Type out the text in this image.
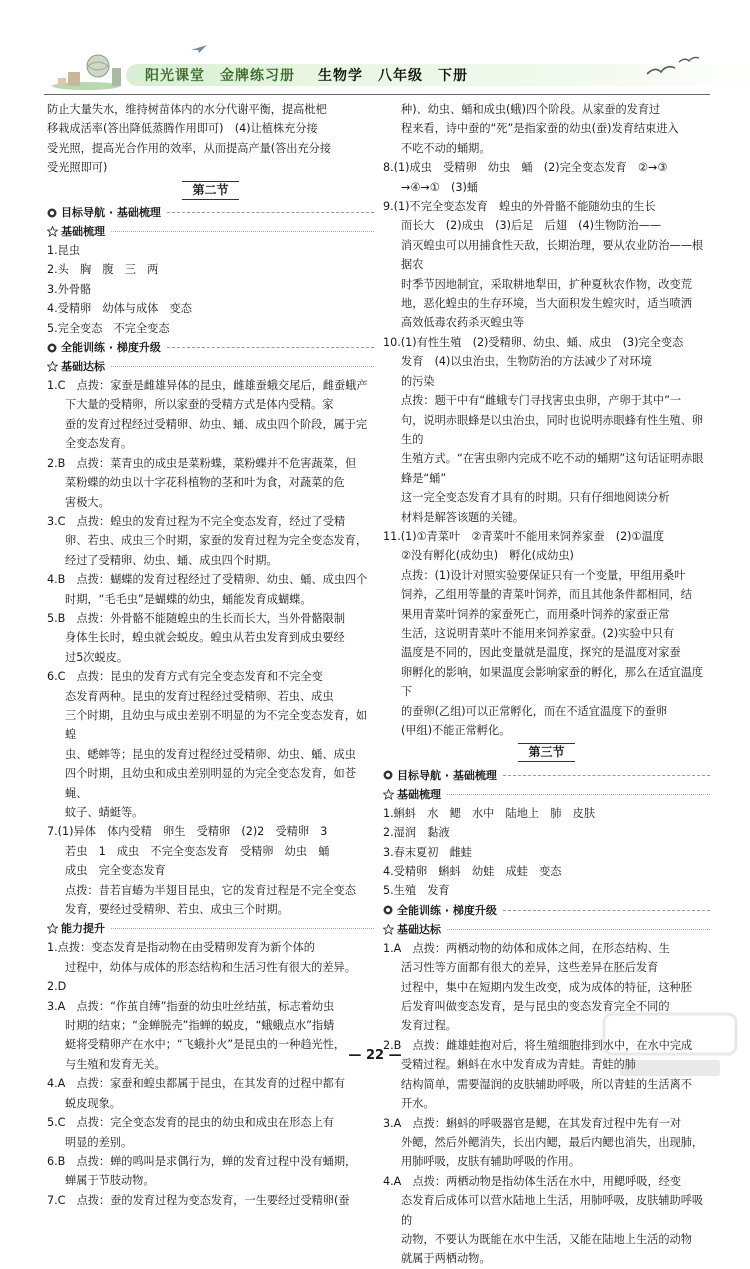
阳光课堂　金牌练习册 生物学　八年级　下册

防止大量失水，维持树苗体内的水分代谢平衡，提高枇杷

移栽成活率(答出降低蒸腾作用即可)　(4)让植株充分接

受光照，提高光合作用的效率，从而提高产量(答出充分接

受光照即可)

第二节
目标导航 · 基础梳理
基础梳理

1.昆虫

2.头　胸　腹　三　两

3.外骨骼

4.受精卵　幼体与成体　变态

5.完全变态　不完全变态

全能训练 · 梯度升级
基础达标

1.C　点拨：家蚕是雌雄异体的昆虫，雌雄蚕蛾交尾后，雌蚕蛾产

下大量的受精卵，所以家蚕的受精方式是体内受精。家

蚕的发育过程经过受精卵、幼虫、蛹、成虫四个阶段，属于完

全变态发育。

2.B　点拨：菜青虫的成虫是菜粉蝶，菜粉蝶并不危害蔬菜，但

菜粉蝶的幼虫以十字花科植物的茎和叶为食，对蔬菜的危

害极大。

3.C　点拨：蝗虫的发育过程为不完全变态发育，经过了受精

卵、若虫、成虫三个时期，家蚕的发育过程为完全变态发育，

经过了受精卵、幼虫、蛹、成虫四个时期。

4.B　点拨：蝴蝶的发育过程经过了受精卵、幼虫、蛹、成虫四个

时期，“毛毛虫”是蝴蝶的幼虫，蛹能发育成蝴蝶。

5.B　点拨：外骨骼不能随蝗虫的生长而长大，当外骨骼限制

身体生长时，蝗虫就会蜕皮。蝗虫从若虫发育到成虫要经

过5次蜕皮。

6.C　点拨：昆虫的发育方式有完全变态发育和不完全变

态发育两种。昆虫的发育过程经过受精卵、若虫、成虫

三个时期，且幼虫与成虫差别不明显的为不完全变态发育，如蝗

虫、蟋蟀等；昆虫的发育过程经过受精卵、幼虫、蛹、成虫

四个时期，且幼虫和成虫差别明显的为完全变态发育，如苍蝇、

蚊子、蜻蜓等。

7.(1)异体　体内受精　卵生　受精卵　(2)2　受精卵　3

若虫　1　成虫　不完全变态发育　受精卵　幼虫　蛹

成虫　完全变态发育

点拨：昔若盲蝽为半翅目昆虫，它的发育过程是不完全变态

发育，要经过受精卵、若虫、成虫三个时期。

能力提升

1.点拨：变态发育是指动物在由受精卵发育为新个体的

过程中，幼体与成体的形态结构和生活习性有很大的差异。

2.D

3.A　点拨：“作茧自缚”指蚕的幼虫吐丝结茧，标志着幼虫

时期的结束；“金蝉脱壳”指蝉的蜕皮，“蛾蛾点水”指蜻

蜓将受精卵产在水中；“飞蛾扑火”是昆虫的一种趋光性，

与生殖和发育无关。

4.A　点拨：家蚕和蝗虫都属于昆虫，在其发育的过程中都有

蜕皮现象。

5.C　点拨：完全变态发育的昆虫的幼虫和成虫在形态上有

明显的差别。

6.B　点拨：蝉的鸣叫是求偶行为，蝉的发育过程中没有蛹期，

蝉属于节肢动物。

7.C　点拨：蚕的发育过程为变态发育，一生要经过受精卵(蚕

种)、幼虫、蛹和成虫(蛾)四个阶段。从家蚕的发育过

程来看，诗中蚕的“死”是指家蚕的幼虫(蚕)发育结束进入

不吃不动的蛹期。

8.(1)成虫　受精卵　幼虫　蛹　(2)完全变态发育　②→③

→④→①　(3)蛹

9.(1)不完全变态发育　蝗虫的外骨骼不能随幼虫的生长

而长大　(2)成虫　(3)后足　后翅　(4)生物防治——

消灭蝗虫可以用捕食性天敌，长期治理，要从农业防治——根据农

时季节因地制宜，采取耕地犁田，扩种夏秋农作物，改变荒

地，恶化蝗虫的生存环境，当大面积发生蝗灾时，适当喷洒

高效低毒农药杀灭蝗虫等

10.(1)有性生殖　(2)受精卵、幼虫、蛹、成虫　(3)完全变态

发育　(4)以虫治虫，生物防治的方法减少了对环境

的污染

点拨：题干中有“雌蛾专门寻找害虫虫卵，产卵于其中”一

句，说明赤眼蜂是以虫治虫，同时也说明赤眼蜂有性生殖、卵生的

生殖方式。“在害虫卵内完成不吃不动的蛹期”这句话证明赤眼蜂是“蛹”

这一完全变态发育才具有的时期。只有仔细地阅读分析

材料是解答该题的关键。

11.(1)①青菜叶　②青菜叶不能用来饲养家蚕　(2)①温度

②没有孵化(成幼虫)　孵化(成幼虫)

点拨：(1)设计对照实验要保证只有一个变量，甲组用桑叶

饲养，乙组用等量的青菜叶饲养，而且其他条件都相同，结

果用青菜叶饲养的家蚕死亡，而用桑叶饲养的家蚕正常

生活，这说明青菜叶不能用来饲养家蚕。(2)实验中只有

温度是不同的，因此变量就是温度，探究的是温度对家蚕

卵孵化的影响，如果温度会影响家蚕的孵化，那么在适宜温度下

的蚕卵(乙组)可以正常孵化，而在不适宜温度下的蚕卵

(甲组)不能正常孵化。

第三节
目标导航 · 基础梳理
基础梳理

1.蝌蚪　水　鳃　水中　陆地上　肺　皮肤

2.湿润　黏液

3.春末夏初　雌蛙

4.受精卵　蝌蚪　幼蛙　成蛙　变态

5.生殖　发育

全能训练 · 梯度升级
基础达标

1.A　点拨：两栖动物的幼体和成体之间，在形态结构、生

活习性等方面都有很大的差异，这些差异在胚后发育

过程中，集中在短期内发生改变，成为成体的特征，这种胚

后发育叫做变态发育，是与昆虫的变态发育完全不同的

发育过程。

2.B　点拨：雌雄蛙抱对后，将生殖细胞排到水中，在水中完成

受精过程。蝌蚪在水中发育成为青蛙。青蛙的肺

结构简单，需要湿润的皮肤辅助呼吸，所以青蛙的生活离不

开水。

3.A　点拨：蝌蚪的呼吸器官是鳃，在其发育过程中先有一对

外鳃，然后外鳃消失，长出内鳃，最后内鳃也消失，出现肺，

用肺呼吸，皮肤有辅助呼吸的作用。

4.A　点拨：两栖动物是指幼体生活在水中，用鳃呼吸，经变

态发育后成体可以营水陆地上生活，用肺呼吸，皮肤辅助呼吸的

动物，不要认为既能在水中生活，又能在陆地上生活的动物

就属于两栖动物。

— 22 —
